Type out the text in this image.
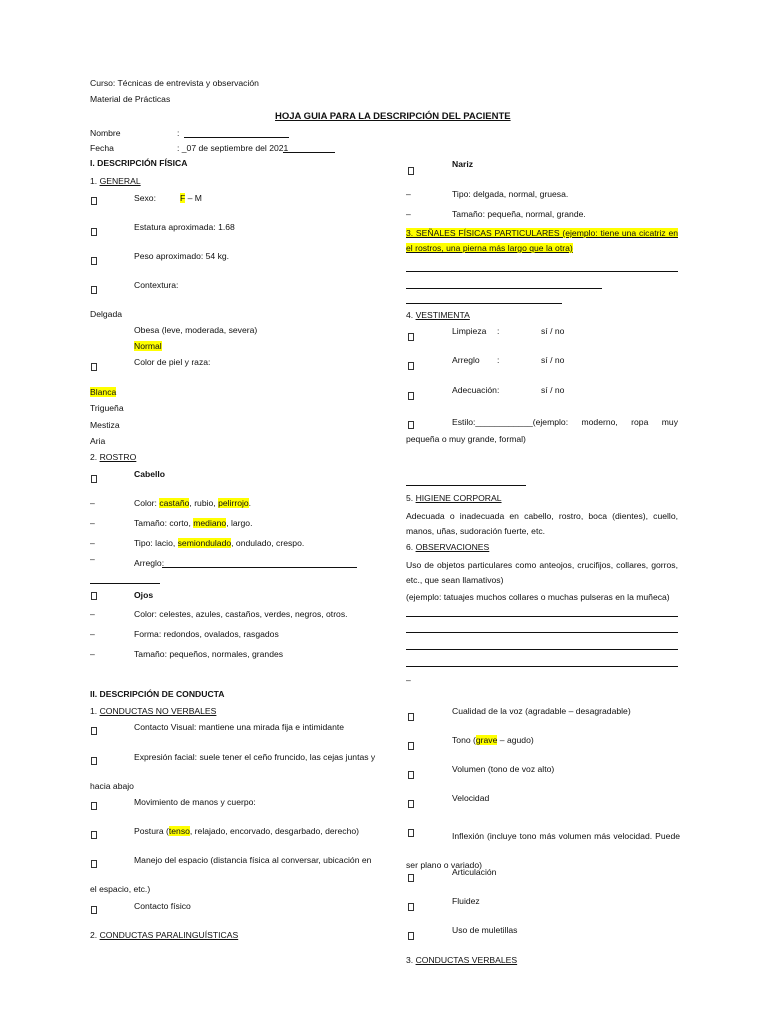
Curso: Técnicas de entrevista y observación
Material de Prácticas
HOJA GUIA PARA LA DESCRIPCIÓN DEL PACIENTE
Nombre	:
Fecha	: _07 de septiembre del 2021
I. DESCRIPCIÓN FÍSICA
1. GENERAL
Sexo:	F – M
Estatura aproximada: 1.68
Peso aproximado: 54 kg.
Contextura:
Delgada
Obesa (leve, moderada, severa)
Normal
Color de piel y raza:
Blanca
Trigueña
Mestiza
Aria
2. ROSTRO
Cabello
–	Color: castaño, rubio, pelirrojo.
–	Tamaño: corto, mediano, largo.
–	Tipo: lacio, semiondulado, ondulado, crespo.
–	Arreglo:
Ojos
–	Color: celestes, azules, castaños, verdes, negros, otros.
–	Forma: redondos, ovalados, rasgados
–	Tamaño: pequeños, normales, grandes
II. DESCRIPCIÓN DE CONDUCTA
1. CONDUCTAS NO VERBALES
Contacto Visual: mantiene una mirada fija e intimidante
Expresión facial: suele tener el ceño fruncido, las cejas juntas y
hacia abajo
Movimiento de manos y cuerpo:
Postura (tenso, relajado, encorvado, desgarbado, derecho)
Manejo del espacio (distancia física al conversar, ubicación en
el espacio, etc.)
Contacto físico
2. CONDUCTAS PARALINGUÍSTICAS
Nariz
–	Tipo: delgada, normal, gruesa.
–	Tamaño: pequeña, normal, grande.
3. SEÑALES FÍSICAS PARTICULARES (ejemplo: tiene una cicatriz en el rostros, una pierna más largo que la otra)
4. VESTIMENTA
Limpieza :	sí / no
Arreglo :	sí / no
Adecuación :	sí / no
Estilo:____________(ejemplo: moderno, ropa muy pequeña o muy grande, formal)
5. HIGIENE CORPORAL
Adecuada o inadecuada en cabello, rostro, boca (dientes), cuello, manos, uñas, sudoración fuerte, etc.
6. OBSERVACIONES
Uso de objetos particulares como anteojos, crucifijos, collares, gorros, etc., que sean llamativos)
(ejemplo: tatuajes muchos collares o muchas pulseras en la muñeca)
–
Cualidad de la voz (agradable – desagradable)
Tono (grave – agudo)
Volumen (tono de voz alto)
Velocidad
Inflexión (incluye tono más volumen más velocidad. Puede ser plano o variado)
Articulación
Fluidez
Uso de muletillas
3. CONDUCTAS VERBALES
